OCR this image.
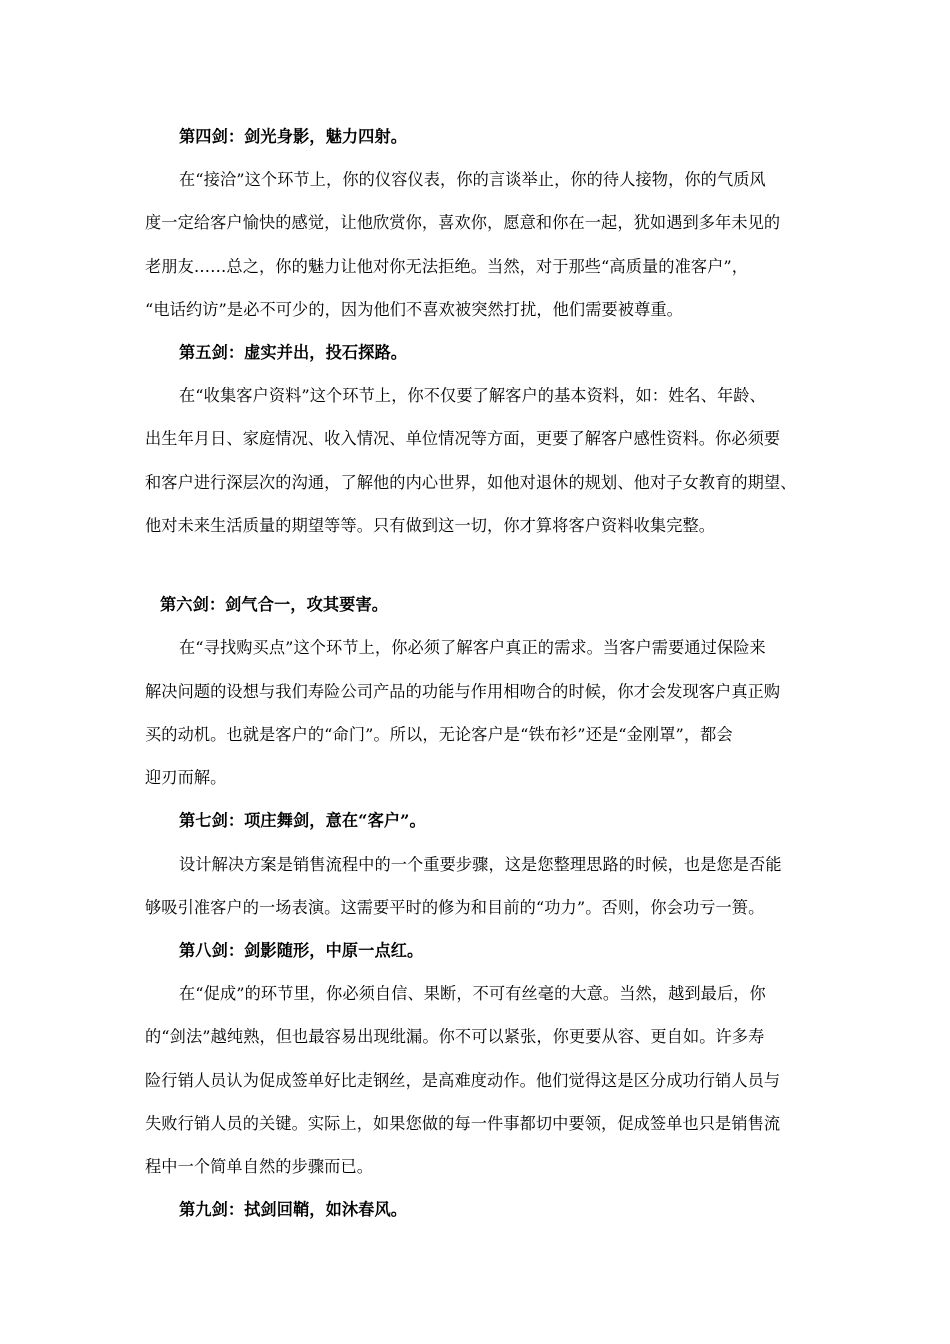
第四剑：剑光身影，魅力四射。
在“接洽”这个环节上，你的仪容仪表，你的言谈举止，你的待人接物，你的气质风
度一定给客户愉快的感觉，让他欣赏你，喜欢你，愿意和你在一起，犹如遇到多年未见的
老朋友……总之，你的魅力让他对你无法拒绝。当然，对于那些“高质量的准客户”，
“电话约访”是必不可少的，因为他们不喜欢被突然打扰，他们需要被尊重。
第五剑：虚实并出，投石探路。
在“收集客户资料”这个环节上，你不仅要了解客户的基本资料，如：姓名、年龄、
出生年月日、家庭情况、收入情况、单位情况等方面，更要了解客户感性资料。你必须要
和客户进行深层次的沟通，了解他的内心世界，如他对退休的规划、他对子女教育的期望、
他对未来生活质量的期望等等。只有做到这一切，你才算将客户资料收集完整。
第六剑：剑气合一，攻其要害。
在“寻找购买点”这个环节上，你必须了解客户真正的需求。当客户需要通过保险来
解决问题的设想与我们寿险公司产品的功能与作用相吻合的时候，你才会发现客户真正购
买的动机。也就是客户的“命门”。所以，无论客户是“铁布衫”还是“金刚罩”，都会
迎刃而解。
第七剑：项庄舞剑，意在“客户”。
设计解决方案是销售流程中的一个重要步骤，这是您整理思路的时候，也是您是否能
够吸引准客户的一场表演。这需要平时的修为和目前的“功力”。否则，你会功亏一篑。
第八剑：剑影随形，中原一点红。
在“促成”的环节里，你必须自信、果断，不可有丝毫的大意。当然，越到最后，你
的“剑法”越纯熟，但也最容易出现纰漏。你不可以紧张，你更要从容、更自如。许多寿
险行销人员认为促成签单好比走钢丝，是高难度动作。他们觉得这是区分成功行销人员与
失败行销人员的关键。实际上，如果您做的每一件事都切中要领，促成签单也只是销售流
程中一个简单自然的步骤而已。
第九剑：拭剑回鞘，如沐春风。
